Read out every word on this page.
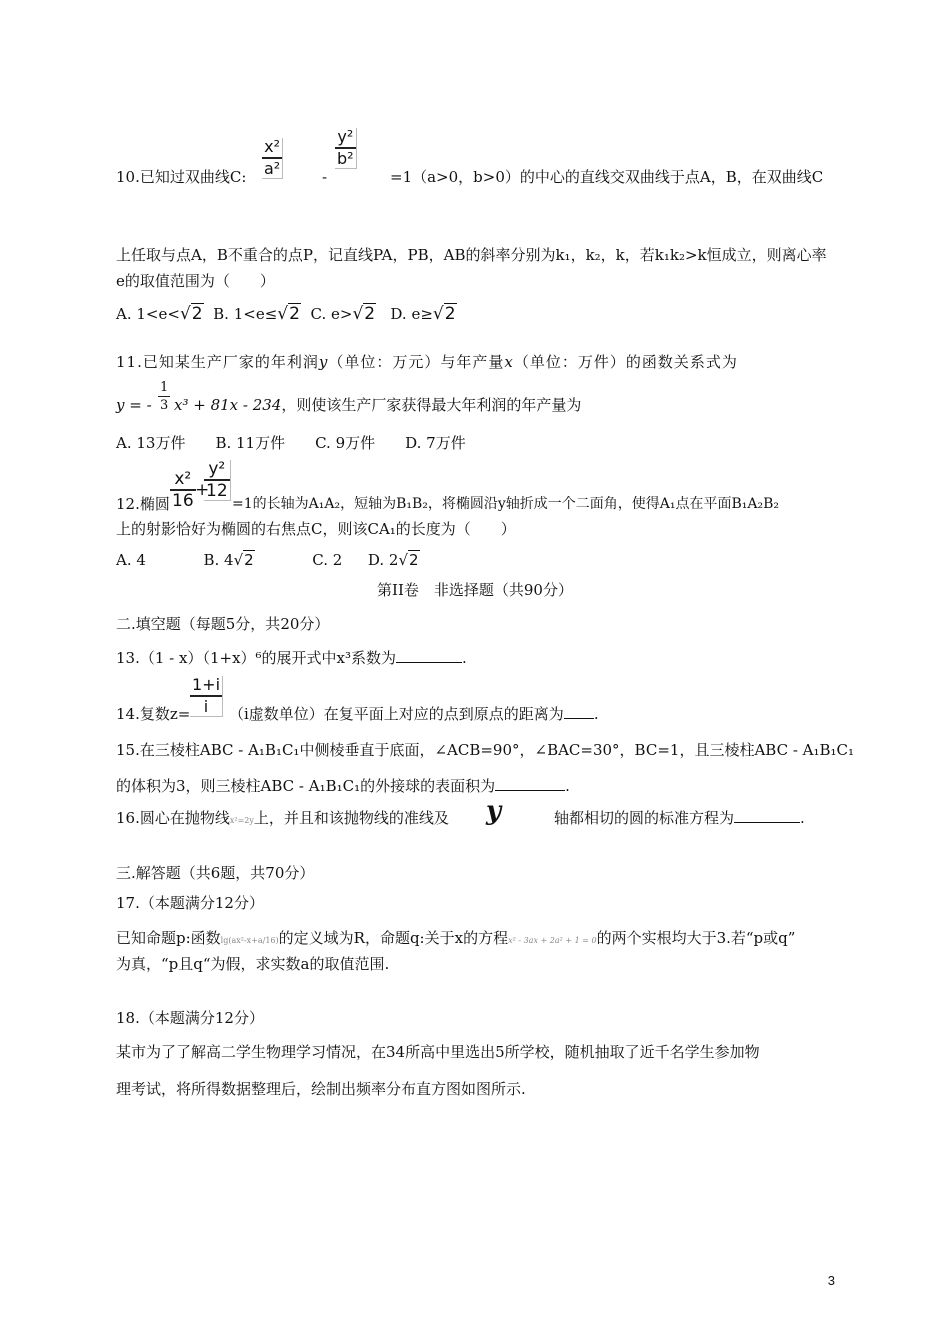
10.已知过双曲线C:
x²
a²	-
y²
b²
=1（a>0，b>0）的中心的直线交双曲线于点A，B，在双曲线C
上任取与点A，B不重合的点P，记直线PA，PB，AB的斜率分别为k₁，k₂，k，若k₁k₂>k恒成立，则离心率
e的取值范围为（　　）
A. 1<e<√2 B. 1<e≤√2 C. e>√2 D. e≥√2
11.已知某生产厂家的年利润y（单位：万元）与年产量x（单位：万件）的函数关系式为
y = -
1
3 x³ + 81x - 234，则使该生产厂家获得最大年利润的年产量为
A. 13万件　　B. 11万件　　C. 9万件　　D. 7万件
12.椭圆
x²
16
+
y²
12
=1的长轴为A₁A₂，短轴为B₁B₂，将椭圆沿y轴折成一个二面角，使得A₁点在平面B₁A₂B₂
上的射影恰好为椭圆的右焦点C，则该CA₁的长度为（　　）
A. 4	B. 4√2	C. 2 D. 2√2
第II卷　非选择题（共90分）
二.填空题（每题5分，共20分）
13.（1 - x）（1+x）⁶的展开式中x³系数为	.
14.复数z=
1+i
i	（i虚数单位）在复平面上对应的点到原点的距离为 .
15.在三棱柱ABC - A₁B₁C₁中侧棱垂直于底面，∠ACB=90°，∠BAC=30°，BC=1，且三棱柱ABC - A₁B₁C₁
的体积为3，则三棱柱ABC - A₁B₁C₁的外接球的表面积为	.
16.圆心在抛物线x²=2y上，并且和该抛物线的准线及 y	轴都相切的圆的标准方程为	.
三.解答题（共6题，共70分）
17.（本题满分12分）
已知命题p:函数lg(ax²-x+a/16)的定义域为R，命题q:关于x的方程x² - 3ax + 2a² + 1 = 0的两个实根均大于3.若“p或q”
为真，“p且q“为假，求实数a的取值范围.
18.（本题满分12分）
某市为了了解高二学生物理学习情况，在34所高中里选出5所学校，随机抽取了近千名学生参加物
理考试，将所得数据整理后，绘制出频率分布直方图如图所示.
3
